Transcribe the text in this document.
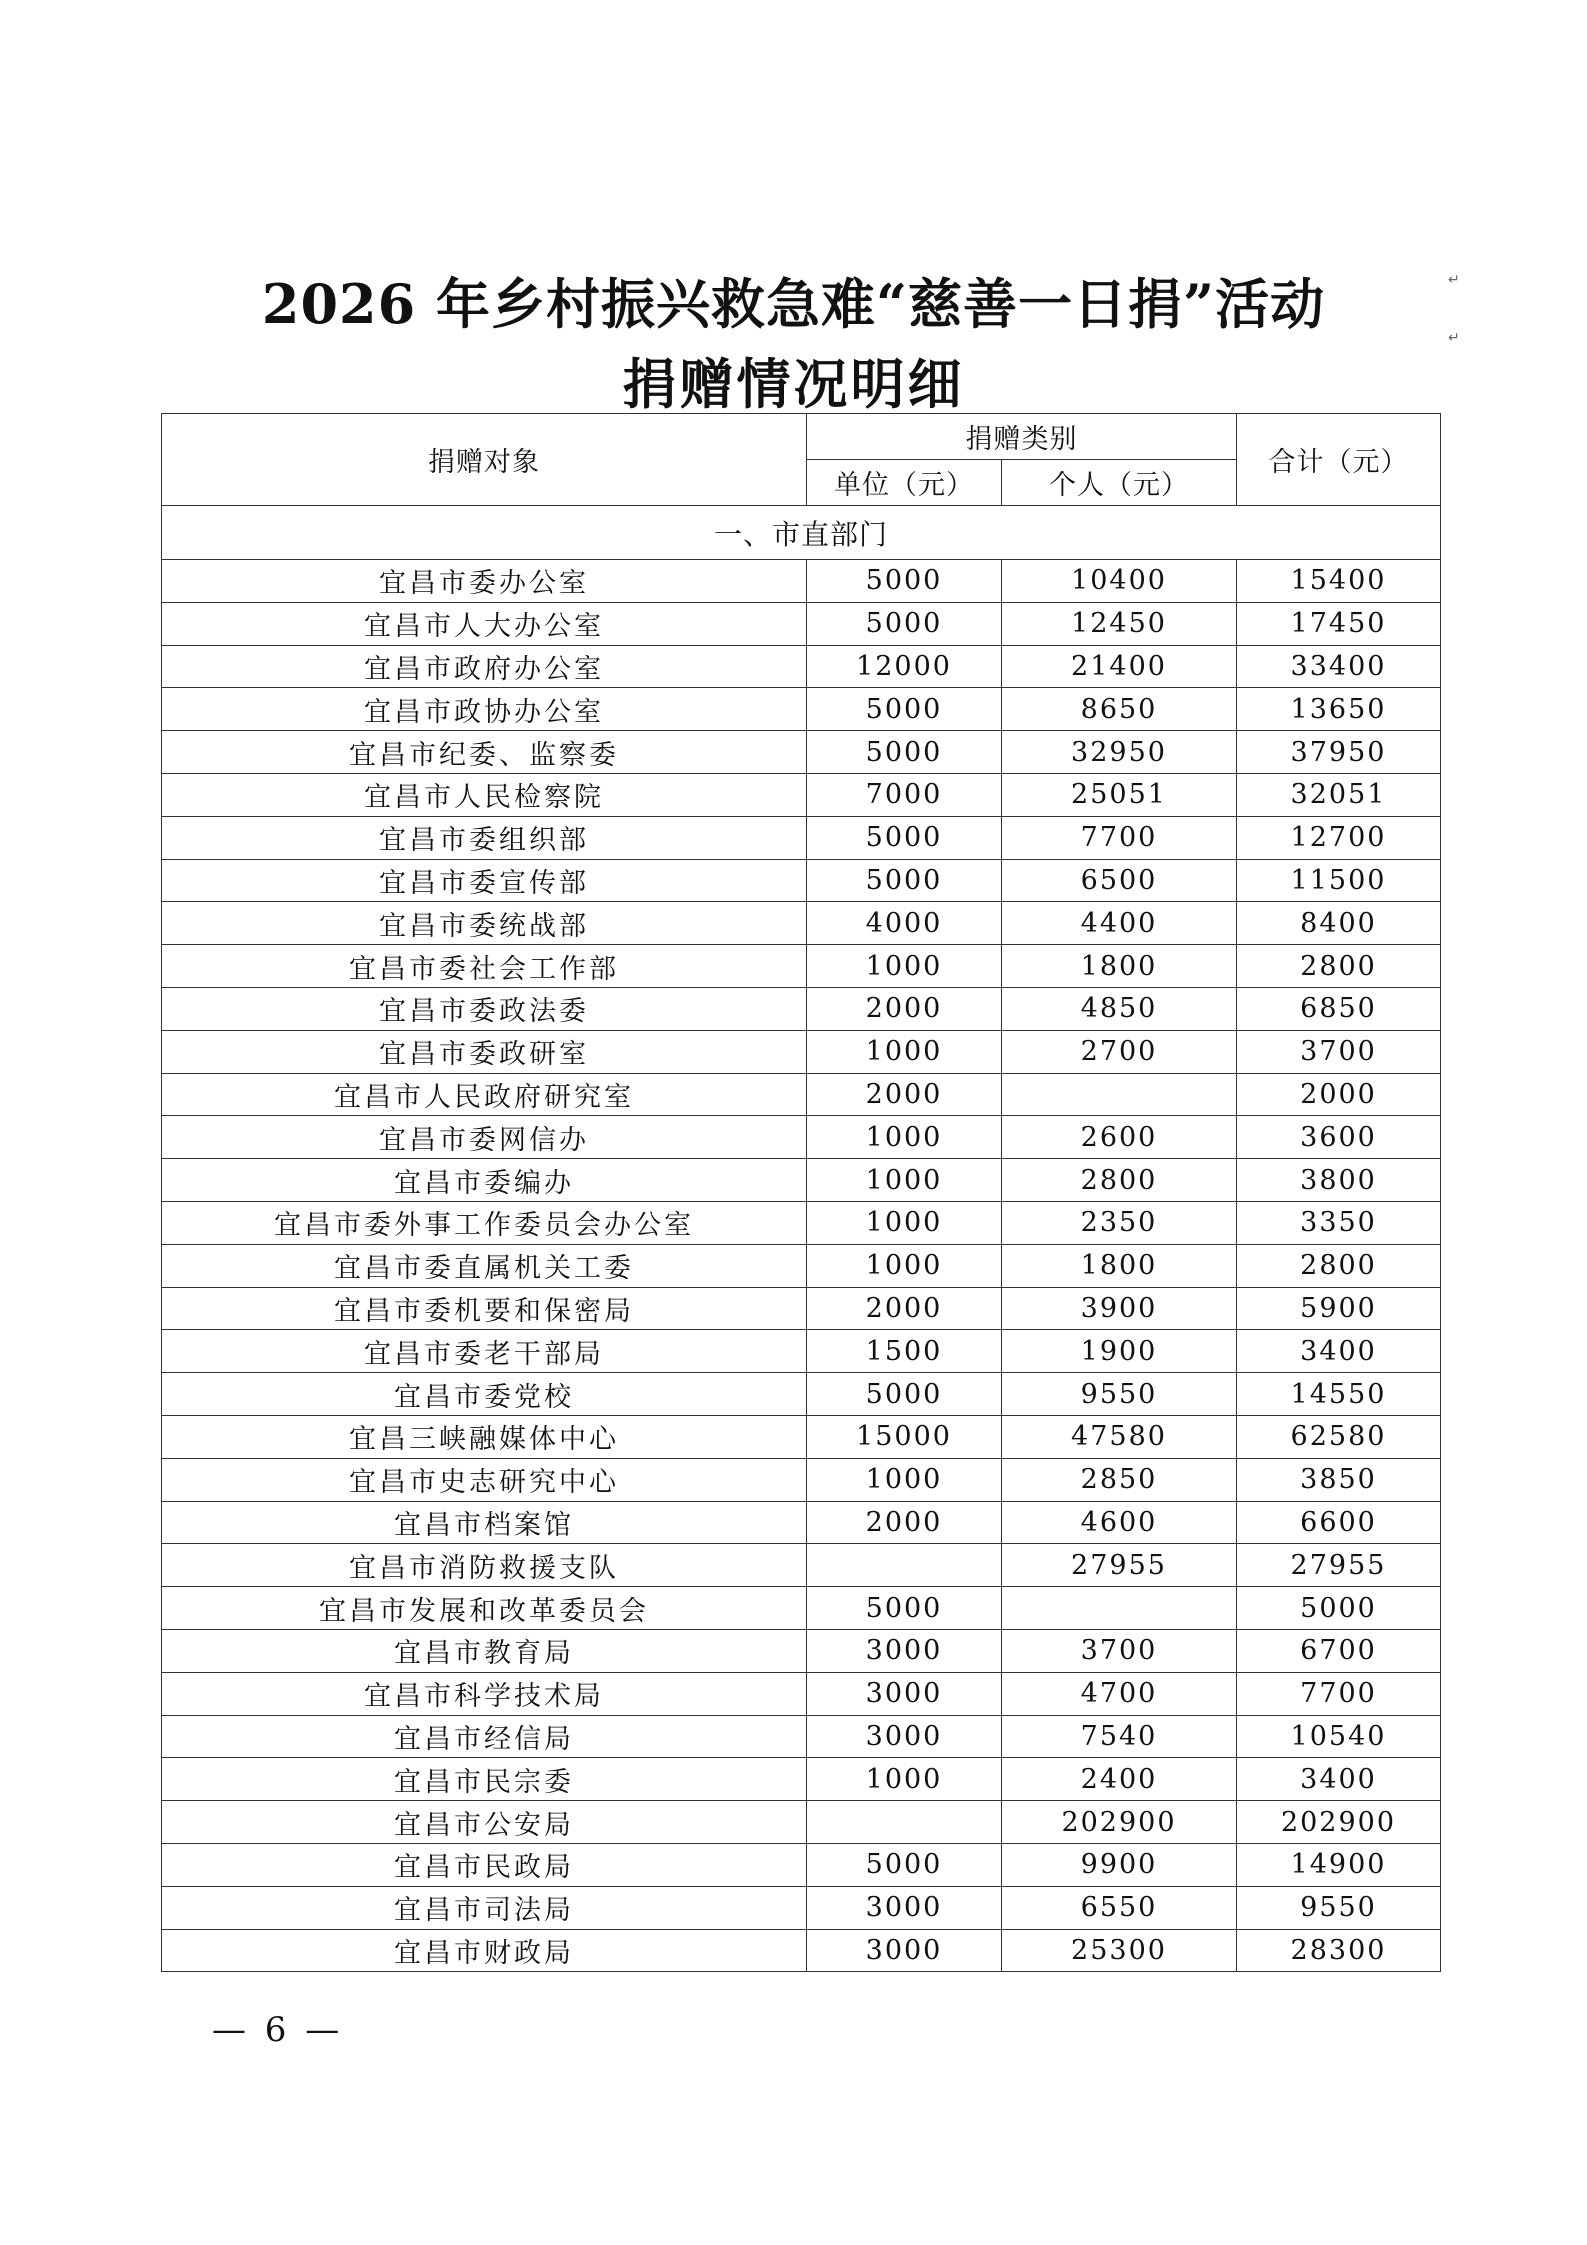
2026 年乡村振兴救急难“慈善一日捐”活动
捐赠情况明细
↵
↵
捐赠对象	捐赠类别		合计（元）
	单位（元）	个人（元）	
一、市直部门			
宜昌市委办公室	5000	10400	15400
宜昌市人大办公室	5000	12450	17450
宜昌市政府办公室	12000	21400	33400
宜昌市政协办公室	5000	8650	13650
宜昌市纪委、监察委	5000	32950	37950
宜昌市人民检察院	7000	25051	32051
宜昌市委组织部	5000	7700	12700
宜昌市委宣传部	5000	6500	11500
宜昌市委统战部	4000	4400	8400
宜昌市委社会工作部	1000	1800	2800
宜昌市委政法委	2000	4850	6850
宜昌市委政研室	1000	2700	3700
宜昌市人民政府研究室	2000		2000
宜昌市委网信办	1000	2600	3600
宜昌市委编办	1000	2800	3800
宜昌市委外事工作委员会办公室	1000	2350	3350
宜昌市委直属机关工委	1000	1800	2800
宜昌市委机要和保密局	2000	3900	5900
宜昌市委老干部局	1500	1900	3400
宜昌市委党校	5000	9550	14550
宜昌三峡融媒体中心	15000	47580	62580
宜昌市史志研究中心	1000	2850	3850
宜昌市档案馆	2000	4600	6600
宜昌市消防救援支队		27955	27955
宜昌市发展和改革委员会	5000		5000
宜昌市教育局	3000	3700	6700
宜昌市科学技术局	3000	4700	7700
宜昌市经信局	3000	7540	10540
宜昌市民宗委	1000	2400	3400
宜昌市公安局		202900	202900
宜昌市民政局	5000	9900	14900
宜昌市司法局	3000	6550	9550
宜昌市财政局	3000	25300	28300
— 6 —
